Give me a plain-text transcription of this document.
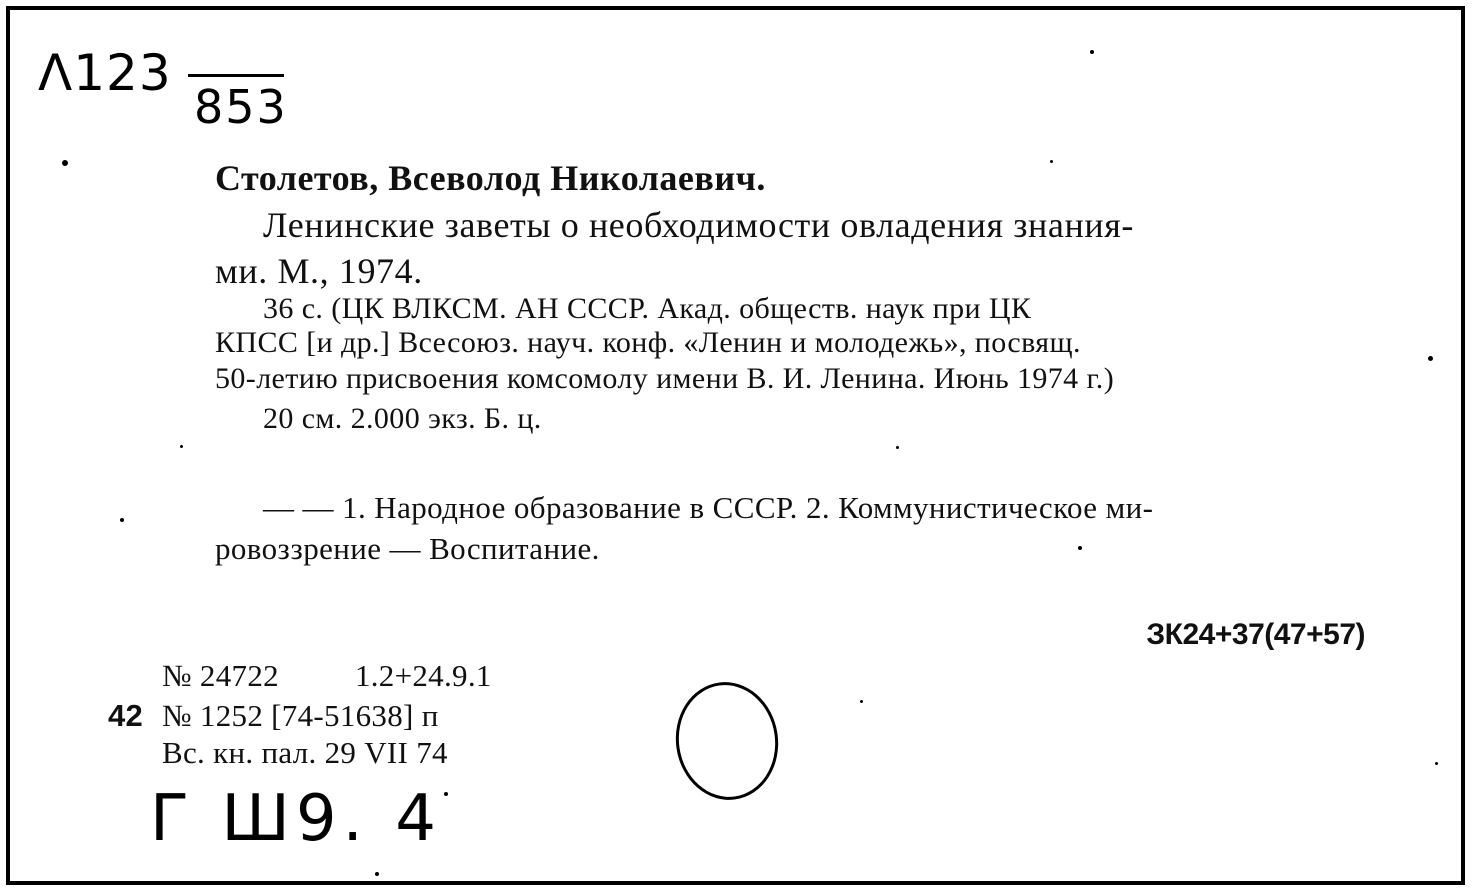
Λ123
853
Столетов, Всеволод Николаевич.
Ленинские заветы о необходимости овладения знания-
ми. М., 1974.
36 с. (ЦК ВЛКСМ. АН СССР. Акад. обществ. наук при ЦК
КПСС [и др.] Всесоюз. науч. конф. «Ленин и молодежь», посвящ.
50-летию присвоения комсомолу имени В. И. Ленина. Июнь 1974 г.)
20 см. 2.000 экз. Б. ц.
— — 1. Народное образование в СССР. 2. Коммунистическое ми-
ровоззрение — Воспитание.
ЗК24+37(47+57)
№ 24722 1.2+24.9.1
42 № 1252 [74-51638] п
Вс. кн. пал. 29 VII 74
Г Ш9. 4
